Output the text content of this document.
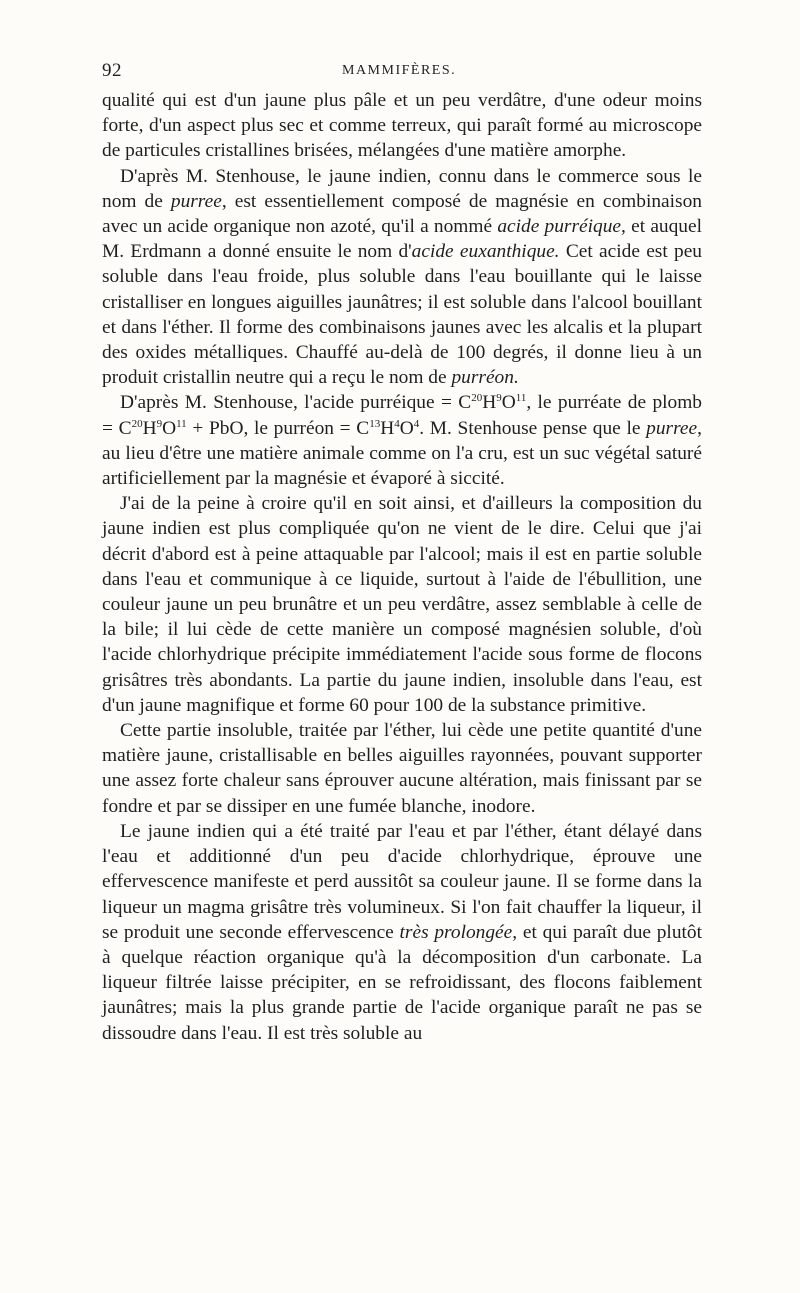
92	MAMMIFÈRES.

qualité qui est d'un jaune plus pâle et un peu verdâtre, d'une odeur moins forte, d'un aspect plus sec et comme terreux, qui paraît formé au microscope de particules cristallines brisées, mélangées d'une matière amorphe.

D'après M. Stenhouse, le jaune indien, connu dans le commerce sous le nom de purree, est essentiellement composé de magnésie en combinaison avec un acide organique non azoté, qu'il a nommé acide purréique, et auquel M. Erdmann a donné ensuite le nom d'acide euxanthique. Cet acide est peu soluble dans l'eau froide, plus soluble dans l'eau bouillante qui le laisse cristalliser en longues aiguilles jaunâtres; il est soluble dans l'alcool bouillant et dans l'éther. Il forme des combinaisons jaunes avec les alcalis et la plupart des oxides métalliques. Chauffé au-delà de 100 degrés, il donne lieu à un produit cristallin neutre qui a reçu le nom de purréon.

D'après M. Stenhouse, l'acide purréique = $C^{20}H^9O^{11}$, le purréate de plomb = $C^{20}H^9O^{11}$ + PbO, le purréon = $C^{13}H^4O^4$. M. Stenhouse pense que le purree, au lieu d'être une matière animale comme on l'a cru, est un suc végétal saturé artificiellement par la magnésie et évaporé à siccité.

J'ai de la peine à croire qu'il en soit ainsi, et d'ailleurs la composition du jaune indien est plus compliquée qu'on ne vient de le dire. Celui que j'ai décrit d'abord est à peine attaquable par l'alcool; mais il est en partie soluble dans l'eau et communique à ce liquide, surtout à l'aide de l'ébullition, une couleur jaune un peu brunâtre et un peu verdâtre, assez semblable à celle de la bile; il lui cède de cette manière un composé magnésien soluble, d'où l'acide chlorhydrique précipite immédiatement l'acide sous forme de flocons grisâtres très abondants. La partie du jaune indien, insoluble dans l'eau, est d'un jaune magnifique et forme 60 pour 100 de la substance primitive.

Cette partie insoluble, traitée par l'éther, lui cède une petite quantité d'une matière jaune, cristallisable en belles aiguilles rayonnées, pouvant supporter une assez forte chaleur sans éprouver aucune altération, mais finissant par se fondre et par se dissiper en une fumée blanche, inodore.

Le jaune indien qui a été traité par l'eau et par l'éther, étant délayé dans l'eau et additionné d'un peu d'acide chlorhydrique, éprouve une effervescence manifeste et perd aussitôt sa couleur jaune. Il se forme dans la liqueur un magma grisâtre très volumineux. Si l'on fait chauffer la liqueur, il se produit une seconde effervescence très prolongée, et qui paraît due plutôt à quelque réaction organique qu'à la décomposition d'un carbonate. La liqueur filtrée laisse précipiter, en se refroidissant, des flocons faiblement jaunâtres; mais la plus grande partie de l'acide organique paraît ne pas se dissoudre dans l'eau. Il est très soluble au
